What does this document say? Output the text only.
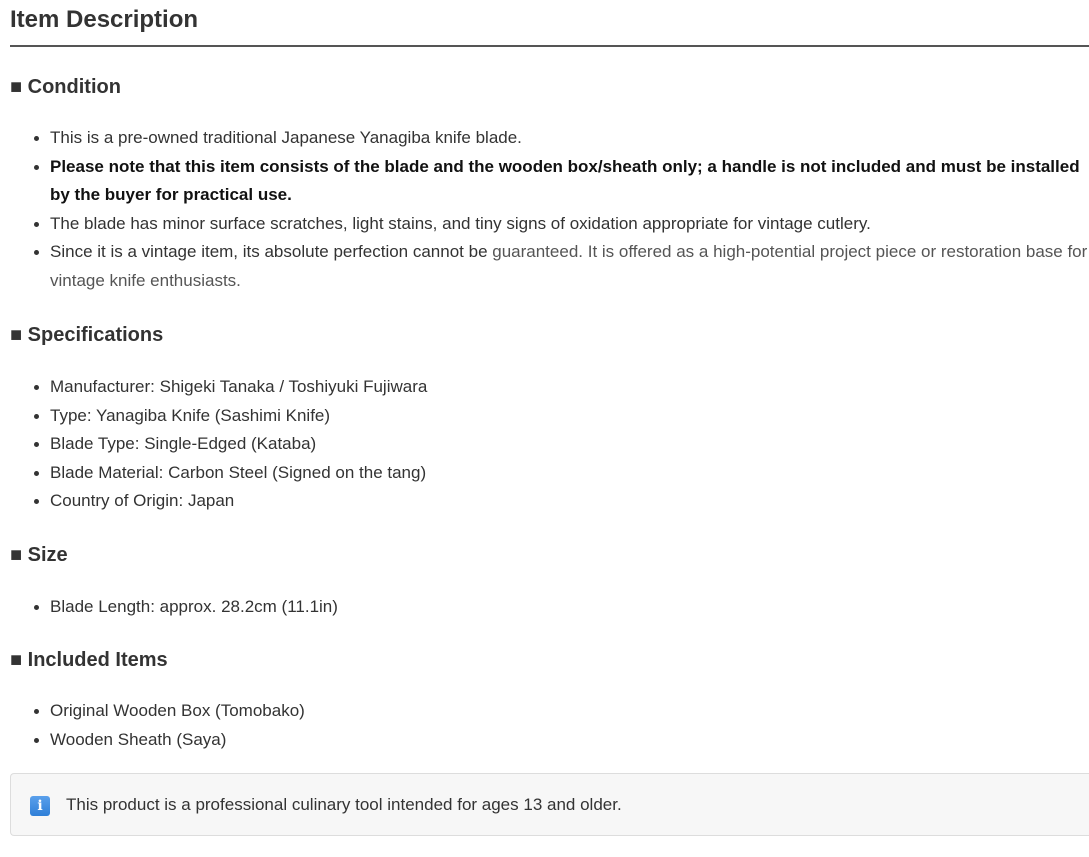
Item Description
■ Condition
This is a pre-owned traditional Japanese Yanagiba knife blade.
Please note that this item consists of the blade and the wooden box/sheath only; a handle is not included and must be installed by the buyer for practical use.
The blade has minor surface scratches, light stains, and tiny signs of oxidation appropriate for vintage cutlery.
Since it is a vintage item, its absolute perfection cannot be guaranteed. It is offered as a high-potential project piece or restoration base for vintage knife enthusiasts.
■ Specifications
Manufacturer: Shigeki Tanaka / Toshiyuki Fujiwara
Type: Yanagiba Knife (Sashimi Knife)
Blade Type: Single-Edged (Kataba)
Blade Material: Carbon Steel (Signed on the tang)
Country of Origin: Japan
■ Size
Blade Length: approx. 28.2cm (11.1in)
■ Included Items
Original Wooden Box (Tomobako)
Wooden Sheath (Saya)
i	This product is a professional culinary tool intended for ages 13 and older.
